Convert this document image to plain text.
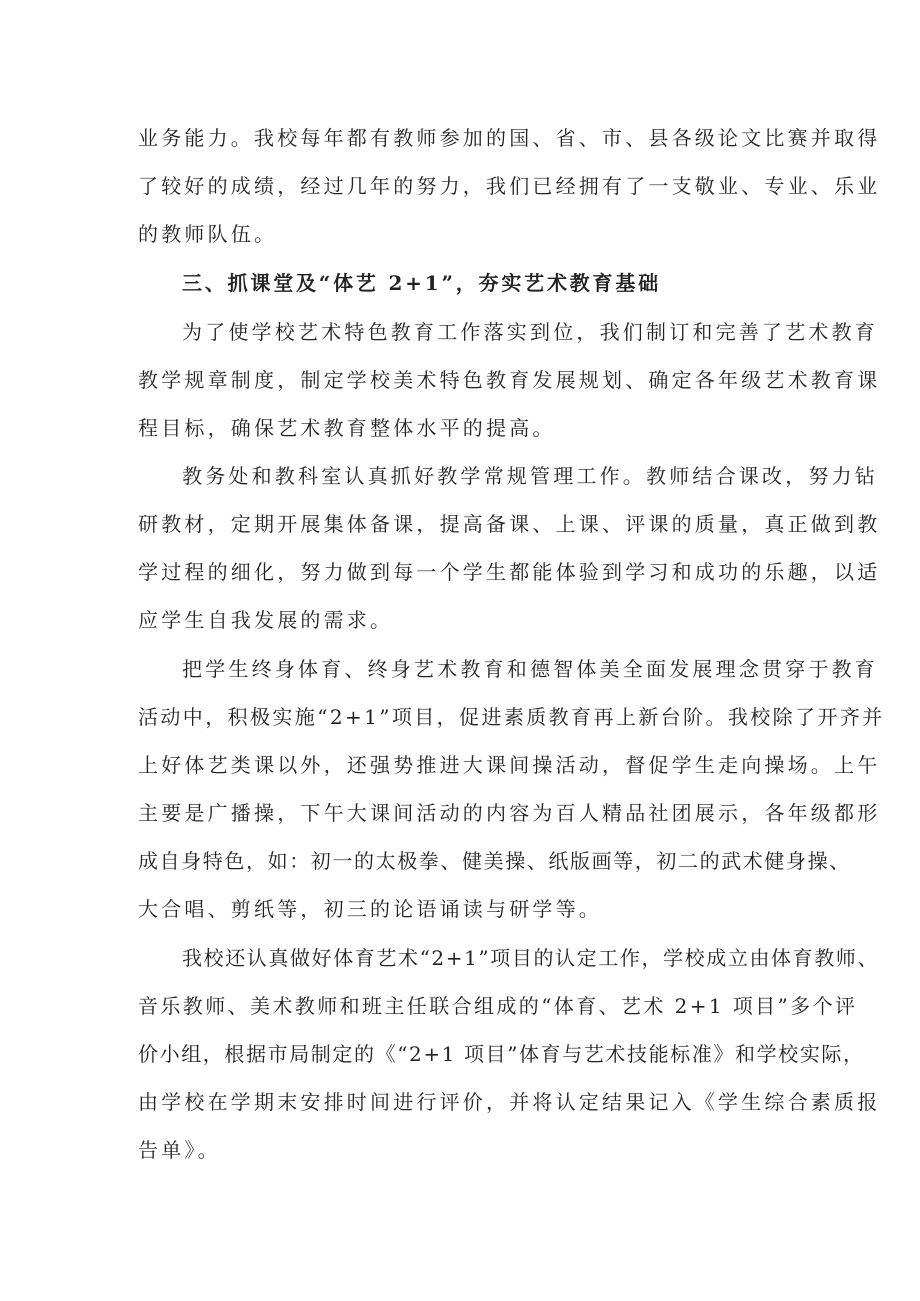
业务能力。我校每年都有教师参加的国、省、市、县各级论文比赛并取得
了较好的成绩，经过几年的努力，我们已经拥有了一支敬业、专业、乐业
的教师队伍。
三、抓课堂及“体艺 2+1”，夯实艺术教育基础
为了使学校艺术特色教育工作落实到位，我们制订和完善了艺术教育
教学规章制度，制定学校美术特色教育发展规划、确定各年级艺术教育课
程目标，确保艺术教育整体水平的提高。
教务处和教科室认真抓好教学常规管理工作。教师结合课改，努力钻
研教材，定期开展集体备课，提高备课、上课、评课的质量，真正做到教
学过程的细化，努力做到每一个学生都能体验到学习和成功的乐趣，以适
应学生自我发展的需求。
把学生终身体育、终身艺术教育和德智体美全面发展理念贯穿于教育
活动中，积极实施“2+1”项目，促进素质教育再上新台阶。我校除了开齐并
上好体艺类课以外，还强势推进大课间操活动，督促学生走向操场。上午
主要是广播操，下午大课间活动的内容为百人精品社团展示，各年级都形
成自身特色，如：初一的太极拳、健美操、纸版画等，初二的武术健身操、
大合唱、剪纸等，初三的论语诵读与研学等。
我校还认真做好体育艺术“2+1”项目的认定工作，学校成立由体育教师、
音乐教师、美术教师和班主任联合组成的“体育、艺术 2+1 项目”多个评
价小组，根据市局制定的《“2+1 项目”体育与艺术技能标准》和学校实际，
由学校在学期末安排时间进行评价，并将认定结果记入《学生综合素质报
告单》。
